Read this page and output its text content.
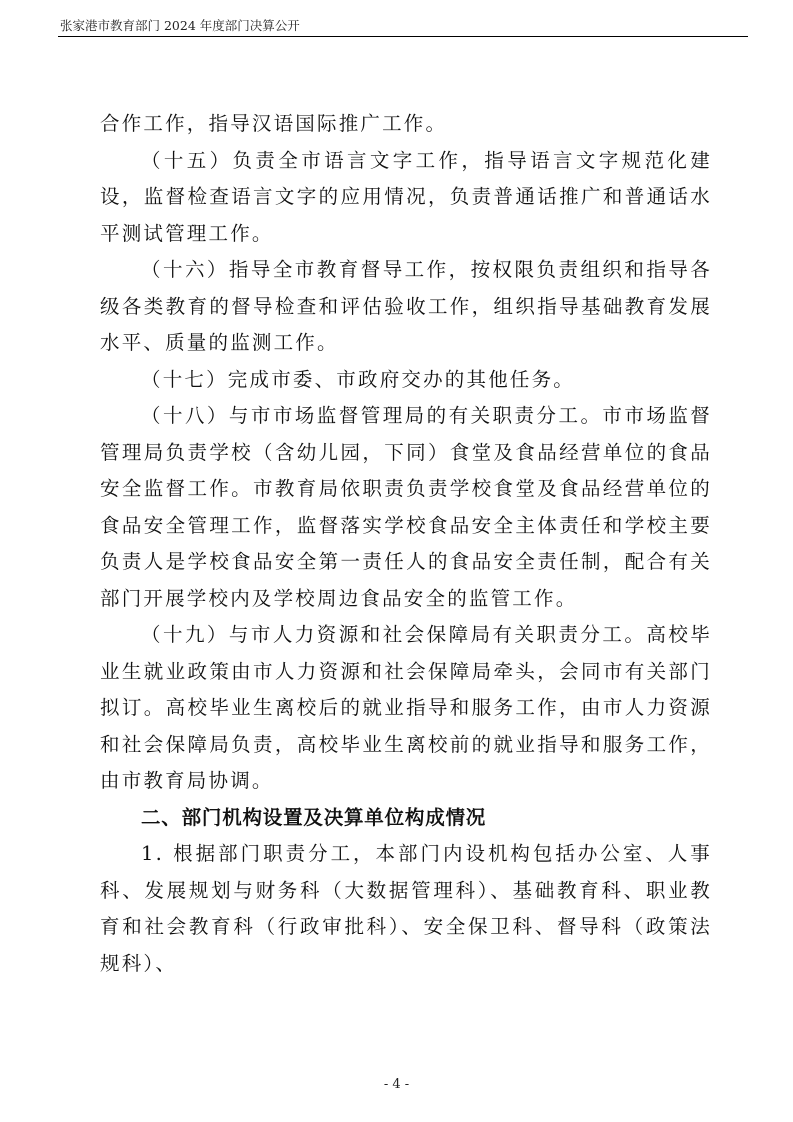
张家港市教育部门 2024 年度部门决算公开

合作工作，指导汉语国际推广工作。

（十五）负责全市语言文字工作，指导语言文字规范化建设，监督检查语言文字的应用情况，负责普通话推广和普通话水平测试管理工作。

（十六）指导全市教育督导工作，按权限负责组织和指导各级各类教育的督导检查和评估验收工作，组织指导基础教育发展水平、质量的监测工作。

（十七）完成市委、市政府交办的其他任务。

（十八）与市市场监督管理局的有关职责分工。市市场监督管理局负责学校（含幼儿园，下同）食堂及食品经营单位的食品安全监督工作。市教育局依职责负责学校食堂及食品经营单位的食品安全管理工作，监督落实学校食品安全主体责任和学校主要负责人是学校食品安全第一责任人的食品安全责任制，配合有关部门开展学校内及学校周边食品安全的监管工作。

（十九）与市人力资源和社会保障局有关职责分工。高校毕业生就业政策由市人力资源和社会保障局牵头，会同市有关部门拟订。高校毕业生离校后的就业指导和服务工作，由市人力资源和社会保障局负责，高校毕业生离校前的就业指导和服务工作，由市教育局协调。

二、部门机构设置及决算单位构成情况

1. 根据部门职责分工，本部门内设机构包括办公室、人事科、发展规划与财务科（大数据管理科）、基础教育科、职业教育和社会教育科（行政审批科）、安全保卫科、督导科（政策法规科）、

- 4 -
